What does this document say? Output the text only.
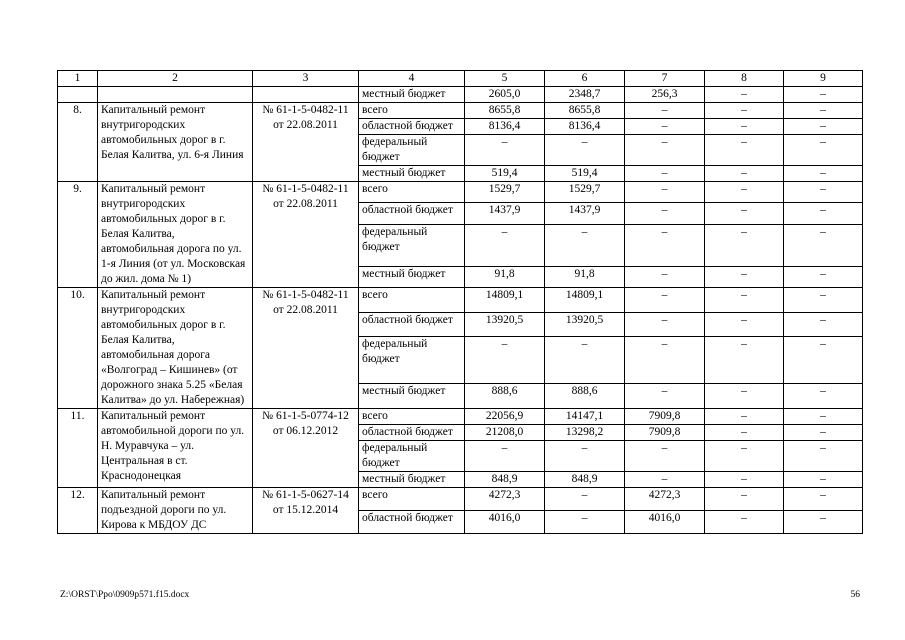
1	2	3	4	5	6	7	8	9
			местный бюджет	2605,0	2348,7	256,3	–	–
8.	Капитальный ремонт внутригородских автомобильных дорог в г. Белая Калитва, ул. 6-я Линия	№ 61-1-5-0482-11 от 22.08.2011	всего	8655,8	8655,8	–	–	–
			областной бюджет	8136,4	8136,4	–	–	–
			федеральный бюджет	–	–	–	–	–
			местный бюджет	519,4	519,4	–	–	–
9.	Капитальный ремонт внутригородских автомобильных дорог в г. Белая Калитва, автомобильная дорога по ул. 1-я Линия (от ул. Московская до жил. дома № 1)	№ 61-1-5-0482-11 от 22.08.2011	всего	1529,7	1529,7	–	–	–
			областной бюджет	1437,9	1437,9	–	–	–
			федеральный бюджет	–	–	–	–	–
			местный бюджет	91,8	91,8	–	–	–
10.	Капитальный ремонт внутригородских автомобильных дорог в г. Белая Калитва, автомобильная дорога «Волгоград – Кишинев» (от дорожного знака 5.25 «Белая Калитва» до ул. Набережная)	№ 61-1-5-0482-11 от 22.08.2011	всего	14809,1	14809,1	–	–	–
			областной бюджет	13920,5	13920,5	–	–	–
			федеральный бюджет	–	–	–	–	–
			местный бюджет	888,6	888,6	–	–	–
11.	Капитальный ремонт автомобильной дороги по ул. Н. Муравчука – ул. Центральная в ст. Краснодонецкая	№ 61-1-5-0774-12 от 06.12.2012	всего	22056,9	14147,1	7909,8	–	–
			областной бюджет	21208,0	13298,2	7909,8	–	–
			федеральный бюджет	–	–	–	–	–
			местный бюджет	848,9	848,9	–	–	–
12.	Капитальный ремонт подъездной дороги по ул. Кирова к МБДОУ ДС	№ 61-1-5-0627-14 от 15.12.2014	всего	4272,3	–	4272,3	–	–
			областной бюджет	4016,0	–	4016,0	–	–
Z:\ORST\Ppo\0909p571.f15.docx	56
